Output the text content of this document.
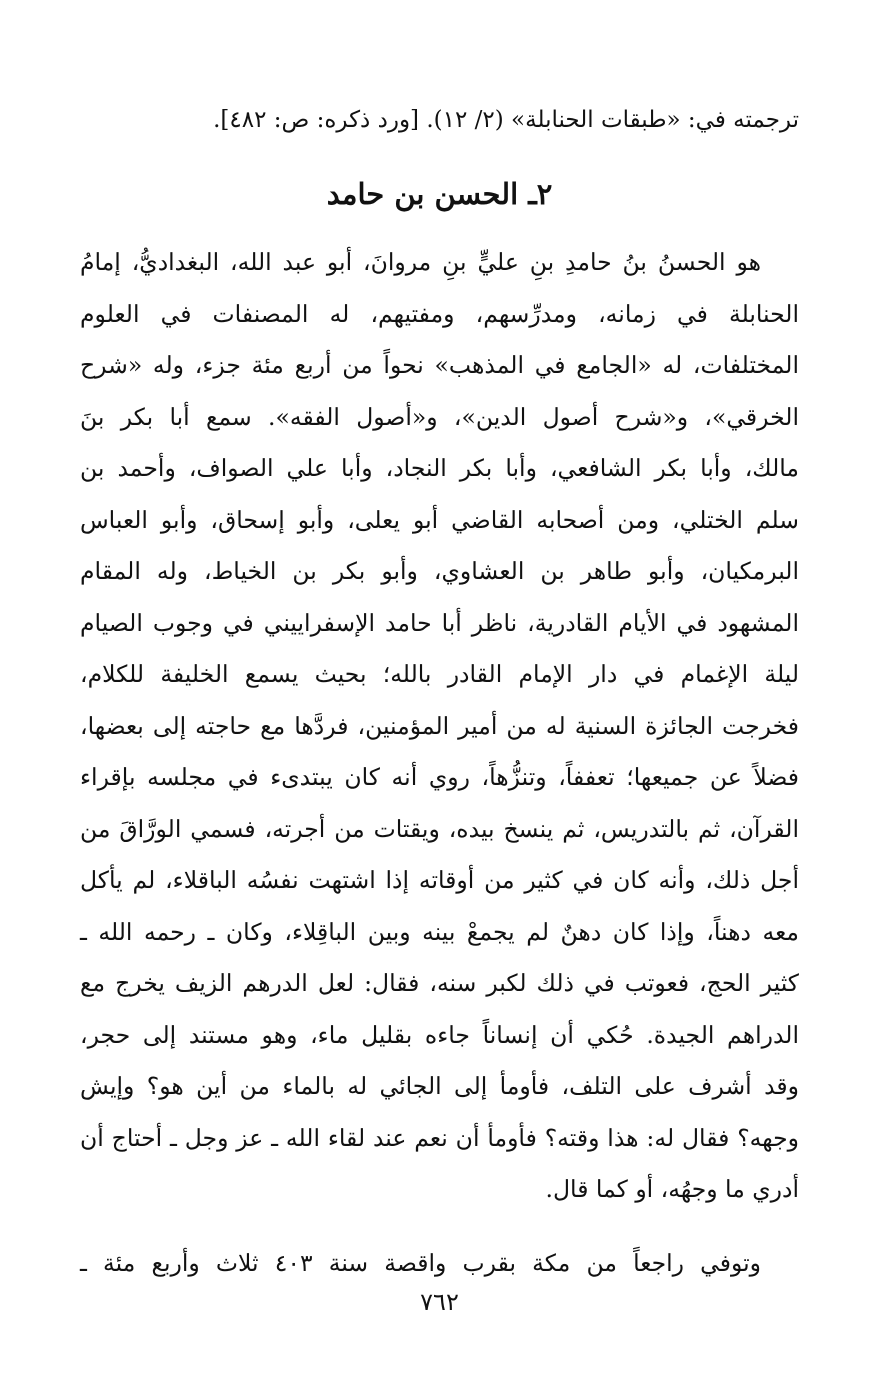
ترجمته في: «طبقات الحنابلة» (٢/ ١٢). [ورد ذكره: ص: ٤٨٢].
٢ـ الحسن بن حامد
هو الحسنُ بنُ حامدِ بنِ عليٍّ بنِ مروانَ، أبو عبد الله، البغداديُّ، إمامُ
الحنابلة في زمانه، ومدرِّسهم، ومفتيهم، له المصنفات في العلوم
المختلفات، له «الجامع في المذهب» نحواً من أربع مئة جزء، وله «شرح
الخرقي»، و«شرح أصول الدين»، و«أصول الفقه». سمع أبا بكر بنَ
مالك، وأبا بكر الشافعي، وأبا بكر النجاد، وأبا علي الصواف، وأحمد بن
سلم الختلي، ومن أصحابه القاضي أبو يعلى، وأبو إسحاق، وأبو العباس
البرمكيان، وأبو طاهر بن العشاوي، وأبو بكر بن الخياط، وله المقام
المشهود في الأيام القادرية، ناظر أبا حامد الإسفراييني في وجوب الصيام
ليلة الإغمام في دار الإمام القادر بالله؛ بحيث يسمع الخليفة للكلام،
فخرجت الجائزة السنية له من أمير المؤمنين، فردَّها مع حاجته إلى بعضها،
فضلاً عن جميعها؛ تعففاً، وتنزُّهاً، روي أنه كان يبتدىء في مجلسه بإقراء
القرآن، ثم بالتدريس، ثم ينسخ بيده، ويقتات من أجرته، فسمي الورَّاقَ من
أجل ذلك، وأنه كان في كثير من أوقاته إذا اشتهت نفسُه الباقلاء، لم يأكل
معه دهناً، وإذا كان دهنٌ لم يجمعْ بينه وبين الباقِلاء، وكان ـ رحمه الله ـ
كثير الحج، فعوتب في ذلك لكبر سنه، فقال: لعل الدرهم الزيف يخرج مع
الدراهم الجيدة. حُكي أن إنساناً جاءه بقليل ماء، وهو مستند إلى حجر،
وقد أشرف على التلف، فأومأ إلى الجائي له بالماء من أين هو؟ وإيش
وجهه؟ فقال له: هذا وقته؟ فأومأ أن نعم عند لقاء الله ـ عز وجل ـ أحتاج أن
أدري ما وجهُه، أو كما قال.
وتوفي راجعاً من مكة بقرب واقصة سنة ٤٠٣ ثلاث وأربع مئة ـ
٧٦٢
